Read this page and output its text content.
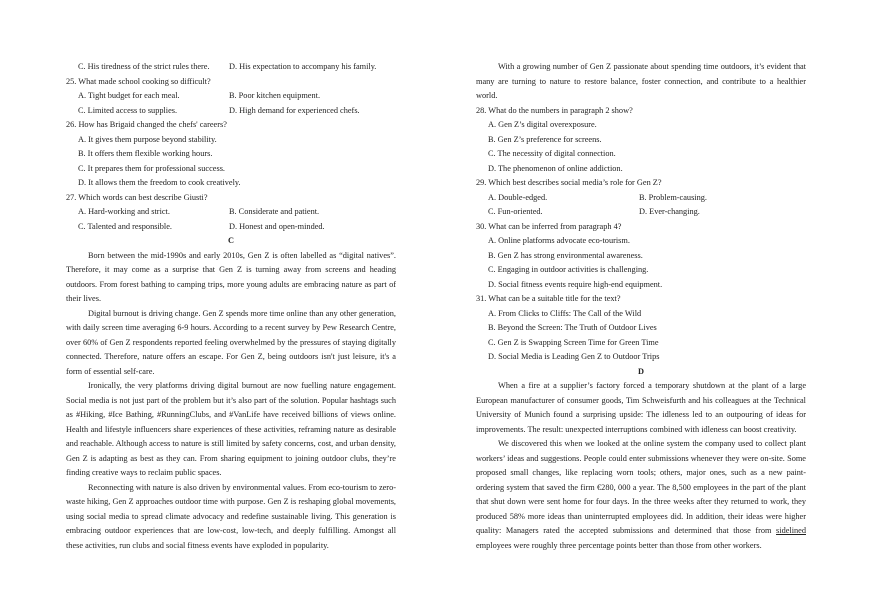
C. His tiredness of the strict rules there.	D. His expectation to accompany his family.
25. What made school cooking so difficult?
A. Tight budget for each meal.	B. Poor kitchen equipment.
C. Limited access to supplies.	D. High demand for experienced chefs.
26. How has Brigaid changed the chefs' careers?
A. It gives them purpose beyond stability.
B. It offers them flexible working hours.
C. It prepares them for professional success.
D. It allows them the freedom to cook creatively.
27. Which words can best describe Giusti?
A. Hard-working and strict.	B. Considerate and patient.
C. Talented and responsible.	D. Honest and open-minded.
C

Born between the mid-1990s and early 2010s, Gen Z is often labelled as “digital natives”. Therefore, it may come as a surprise that Gen Z is turning away from screens and heading outdoors. From forest bathing to camping trips, more young adults are embracing nature as part of their lives.

Digital burnout is driving change. Gen Z spends more time online than any other generation, with daily screen time averaging 6-9 hours. According to a recent survey by Pew Research Centre, over 60% of Gen Z respondents reported feeling overwhelmed by the pressures of staying digitally connected. Therefore, nature offers an escape. For Gen Z, being outdoors isn't just leisure, it's a form of essential self-care.

Ironically, the very platforms driving digital burnout are now fuelling nature engagement. Social media is not just part of the problem but it’s also part of the solution. Popular hashtags such as #Hiking, #Ice Bathing, #RunningClubs, and #VanLife have received billions of views online. Health and lifestyle influencers share experiences of these activities, reframing nature as desirable and reachable. Although access to nature is still limited by safety concerns, cost, and urban density, Gen Z is adapting as best as they can. From sharing equipment to joining outdoor clubs, they’re finding creative ways to reclaim public spaces.

Reconnecting with nature is also driven by environmental values. From eco-tourism to zero-waste hiking, Gen Z approaches outdoor time with purpose. Gen Z is reshaping global movements, using social media to spread climate advocacy and redefine sustainable living. This generation is embracing outdoor experiences that are low-cost, low-tech, and deeply fulfilling. Amongst all these activities, run clubs and social fitness events have exploded in popularity.

With a growing number of Gen Z passionate about spending time outdoors, it’s evident that many are turning to nature to restore balance, foster connection, and contribute to a healthier world.

28. What do the numbers in paragraph 2 show?
A. Gen Z’s digital overexposure.
B. Gen Z’s preference for screens.
C. The necessity of digital connection.
D. The phenomenon of online addiction.
29. Which best describes social media’s role for Gen Z?
A. Double-edged.	B. Problem-causing.
C. Fun-oriented.	D. Ever-changing.
30. What can be inferred from paragraph 4?
A. Online platforms advocate eco-tourism.
B. Gen Z has strong environmental awareness.
C. Engaging in outdoor activities is challenging.
D. Social fitness events require high-end equipment.
31. What can be a suitable title for the text?
A. From Clicks to Cliffs: The Call of the Wild
B. Beyond the Screen: The Truth of Outdoor Lives
C. Gen Z is Swapping Screen Time for Green Time
D. Social Media is Leading Gen Z to Outdoor Trips
D

When a fire at a supplier’s factory forced a temporary shutdown at the plant of a large European manufacturer of consumer goods, Tim Schweisfurth and his colleagues at the Technical University of Munich found a surprising upside: The idleness led to an outpouring of ideas for improvements. The result: unexpected interruptions combined with idleness can boost creativity.

We discovered this when we looked at the online system the company used to collect plant workers’ ideas and suggestions. People could enter submissions whenever they were on-site. Some proposed small changes, like replacing worn tools; others, major ones, such as a new paint-ordering system that saved the firm €280, 000 a year. The 8,500 employees in the part of the plant that shut down were sent home for four days. In the three weeks after they returned to work, they produced 58% more ideas than uninterrupted employees did. In addition, their ideas were higher quality: Managers rated the accepted submissions and determined that those from sidelined employees were roughly three percentage points better than those from other workers.
